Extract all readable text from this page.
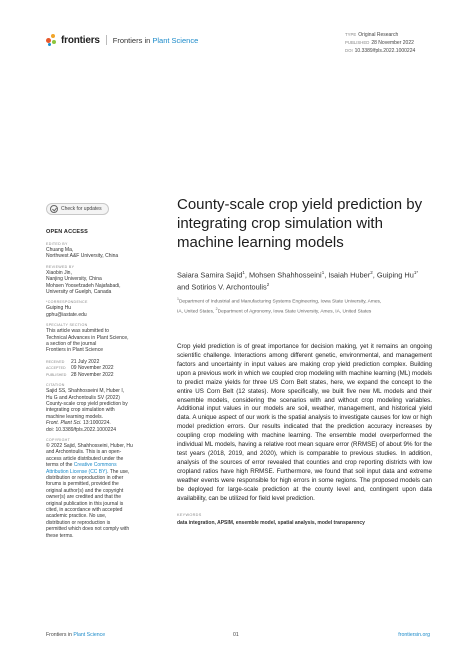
frontiers Frontiers in Plant Science
TYPE Original Research
PUBLISHED 28 November 2022
DOI 10.3389/fpls.2022.1000224
Check for updates
OPEN ACCESS
EDITED BY
Chuang Ma,
Northwest A&F University, China
REVIEWED BY
Xiaobin Jin,
Nanjing University, China
Mohsen Yoosefzadeh Najafabadi,
University of Guelph, Canada
*CORRESPONDENCE
Guiping Hu
gphu@iastate.edu
SPECIALTY SECTION
This article was submitted to
Technical Advances in Plant Science,
a section of the journal
Frontiers in Plant Science
RECEIVED 21 July 2022
ACCEPTED 09 November 2022
PUBLISHED 28 November 2022
CITATION
Sajid SS, Shahhosseini M, Huber I,
Hu G and Archontoulis SV (2022)
County-scale crop yield prediction by
integrating crop simulation with
machine learning models.
Front. Plant Sci. 13:1000224.
doi: 10.3389/fpls.2022.1000224
COPYRIGHT
© 2022 Sajid, Shahhosseini, Huber, Hu
and Archontoulis. This is an open-
access article distributed under the
terms of the Creative Commons
Attribution License (CC BY). The use,
distribution or reproduction in other
forums is permitted, provided the
original author(s) and the copyright
owner(s) are credited and that the
original publication in this journal is
cited, in accordance with accepted
academic practice. No use,
distribution or reproduction is
permitted which does not comply with
these terms.
County-scale crop yield prediction by integrating crop simulation with machine learning models
Saiara Samira Sajid$^1$, Mohsen Shahhosseini$^1$, Isaiah Huber$^2$, Guiping $Hu^{1*}$ and Sotirios V. Archontoulis$^2$
$^1$Department of Industrial and Manufacturing Systems Engineering, Iowa State University, Ames,
IA, United States, $^2$Department of Agronomy, Iowa State University, Ames, IA, United States

Crop yield prediction is of great importance for decision making, yet it remains an ongoing scientific challenge. Interactions among different genetic, environmental, and management factors and uncertainty in input values are making crop yield prediction complex. Building upon a previous work in which we coupled crop modeling with machine learning (ML) models to predict maize yields for three US Corn Belt states, here, we expand the concept to the entire US Corn Belt (12 states). More specifically, we built five new ML models and their ensemble models, considering the scenarios with and without crop modeling variables. Additional input values in our models are soil, weather, management, and historical yield data. A unique aspect of our work is the spatial analysis to investigate causes for low or high model prediction errors. Our results indicated that the prediction accuracy increases by coupling crop modeling with machine learning. The ensemble model overperformed the individual ML models, having a relative root mean square error (RRMSE) of about 9% for the test years (2018, 2019, and 2020), which is comparable to previous studies. In addition, analysis of the sources of error revealed that counties and crop reporting districts with low cropland ratios have high RRMSE. Furthermore, we found that soil input data and extreme weather events were responsible for high errors in some regions. The proposed models can be deployed for large-scale prediction at the county level and, contingent upon data availability, can be utilized for field level prediction.

KEYWORDS
data integration, APSIM, ensemble model, spatial analysis, model transparency
Frontiers in Plant Science	01	frontiersin.org
